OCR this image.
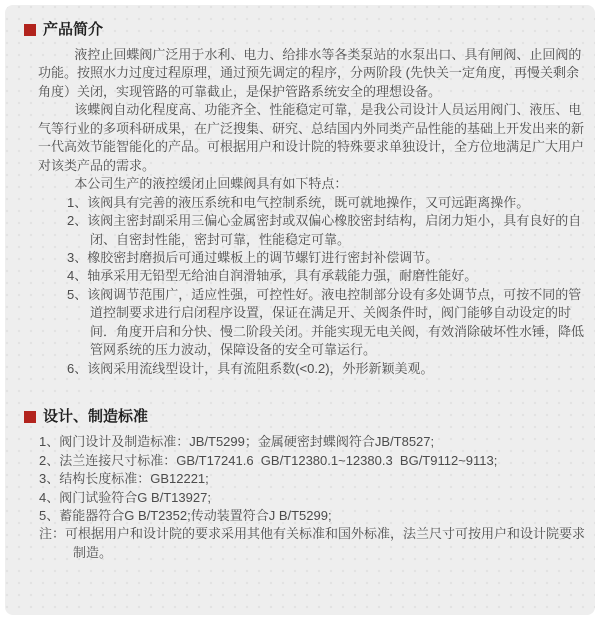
产品简介

液控止回蝶阀广泛用于水利、电力、给排水等各类泵站的水泵出口、具有闸阀、止回阀的功能。按照水力过度过程原理，通过预先调定的程序，分两阶段 (先快关一定角度，再慢关剩余角度）关闭，实现管路的可靠截止，是保护管路系统安全的理想设备。

该蝶阀自动化程度高、功能齐全、性能稳定可靠，是我公司设计人员运用阀门、液压、电气等行业的多项科研成果，在广泛搜集、研究、总结国内外同类产品性能的基础上开发出来的新一代高效节能智能化的产品。可根据用户和设计院的特殊要求单独设计，全方位地满足广大用户对该类产品的需求。

本公司生产的液控缓闭止回蝶阀具有如下特点：

1、该阀具有完善的液压系统和电气控制系统，既可就地操作，又可远距离操作。
2、该阀主密封副采用三偏心金属密封或双偏心橡胶密封结构，启闭力矩小，具有良好的自闭、自密封性能，密封可靠，性能稳定可靠。
3、橡胶密封磨损后可通过蝶板上的调节螺钉进行密封补偿调节。
4、轴承采用无铅型无给油自润滑轴承，具有承载能力强，耐磨性能好。
5、该阀调节范围广，适应性强，可控性好。液电控制部分设有多处调节点，可按不同的管道控制要求进行启闭程序设置，保证在满足开、关阀条件时，阀门能够自动设定的时间．角度开启和分快、慢二阶段关闭。并能实现无电关阀，有效消除破坏性水锤，降低管网系统的压力波动，保障设备的安全可靠运行。
6、该阀采用流线型设计，具有流阻系数(<0.2)，外形新颖美观。
设计、制造标准
1、阀门设计及制造标准：JB/T5299；金属硬密封蝶阀符合JB/T8527;
2、法兰连接尺寸标准：GB/T17241.6  GB/T12380.1~12380.3  BG/T9112~9113;
3、结构长度标准：GB12221;
4、阀门试验符合G B/T13927;
5、蓄能器符合G B/T2352;传动装置符合J B/T5299;
注：可根据用户和设计院的要求采用其他有关标准和国外标准，法兰尺寸可按用户和设计院要求制造。
